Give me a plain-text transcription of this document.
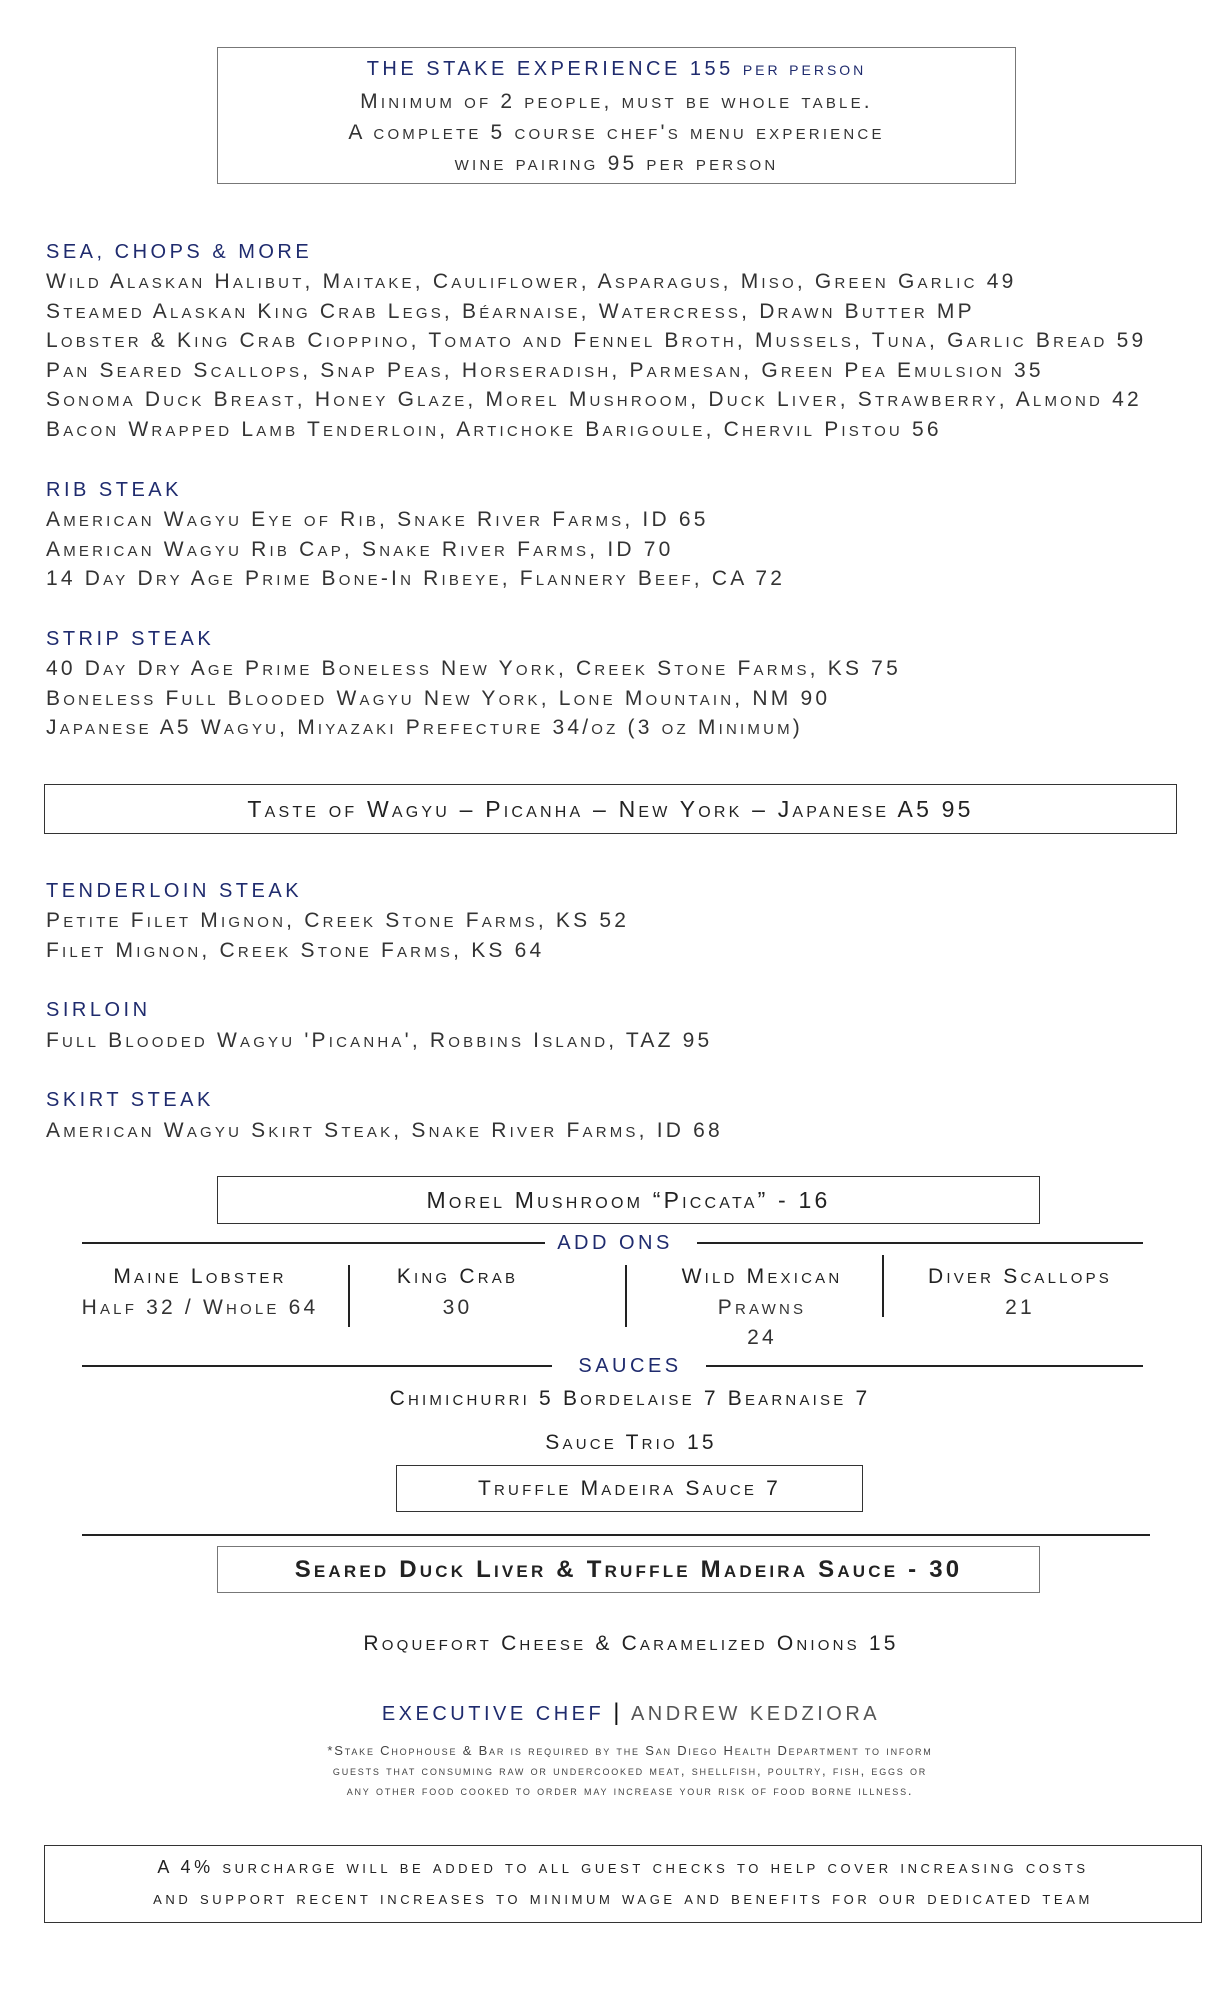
THE STAKE EXPERIENCE 155 per person
Minimum of 2 people, must be whole table.
A complete 5 course chef's menu experience
wine pairing 95 per person
SEA, CHOPS & MORE
Wild Alaskan Halibut, Maitake, Cauliflower, Asparagus, Miso, Green Garlic 49
Steamed Alaskan King Crab Legs, Béarnaise, Watercress, Drawn Butter MP
Lobster & King Crab Cioppino, Tomato and Fennel Broth, Mussels, Tuna, Garlic Bread 59
Pan Seared Scallops, Snap Peas, Horseradish, Parmesan, Green Pea Emulsion 35
Sonoma Duck Breast, Honey Glaze, Morel Mushroom, Duck Liver, Strawberry, Almond 42
Bacon Wrapped Lamb Tenderloin, Artichoke Barigoule, Chervil Pistou 56
RIB STEAK
American Wagyu Eye of Rib, Snake River Farms, ID 65
American Wagyu Rib Cap, Snake River Farms, ID 70
14 Day Dry Age Prime Bone-In Ribeye, Flannery Beef, CA 72
STRIP STEAK
40 Day Dry Age Prime Boneless New York, Creek Stone Farms, KS 75
Boneless Full Blooded Wagyu New York, Lone Mountain, NM 90
Japanese A5 Wagyu, Miyazaki Prefecture 34/oz (3 oz Minimum)
Taste of Wagyu – Picanha – New York – Japanese A5 95
TENDERLOIN STEAK
Petite Filet Mignon, Creek Stone Farms, KS 52
Filet Mignon, Creek Stone Farms, KS 64
SIRLOIN
Full Blooded Wagyu 'Picanha', Robbins Island, TAZ 95
SKIRT STEAK
American Wagyu Skirt Steak, Snake River Farms, ID 68
Morel Mushroom “Piccata” - 16
ADD ONS
Maine Lobster
Half 32 / Whole 64
King Crab
30
Wild Mexican
Prawns
24
Diver Scallops
21
SAUCES
Chimichurri 5 Bordelaise 7 Bearnaise 7
Sauce Trio 15
Truffle Madeira Sauce 7
Seared Duck Liver & Truffle Madeira Sauce - 30
Roquefort Cheese & Caramelized Onions 15
EXECUTIVE CHEF | ANDREW KEDZIORA
*Stake Chophouse & Bar is required by the San Diego Health Department to inform
guests that consuming raw or undercooked meat, shellfish, poultry, fish, eggs or
any other food cooked to order may increase your risk of food borne illness.
A 4% surcharge will be added to all guest checks to help cover increasing costs
and support recent increases to minimum wage and benefits for our dedicated team
